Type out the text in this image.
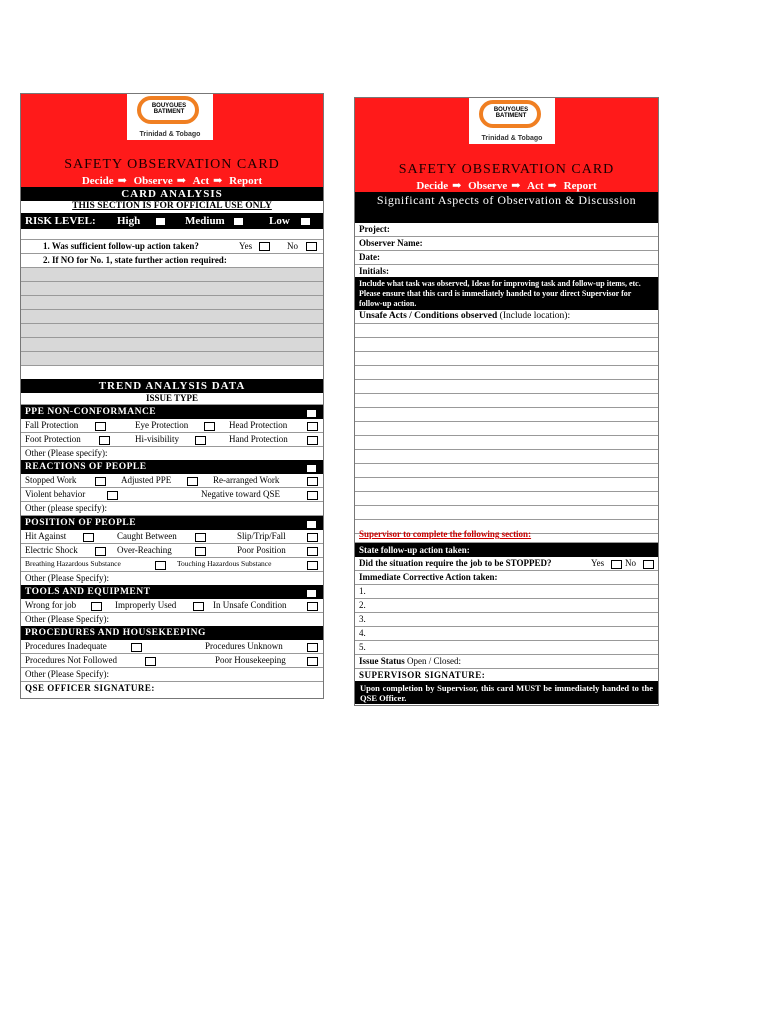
BOUYGUES BATIMENT
Trinidad & Tobago
SAFETY OBSERVATION CARD
Decide ➡ Observe ➡ Act ➡ Report
CARD ANALYSIS
THIS SECTION IS FOR OFFICIAL USE ONLY
RISK LEVEL: High	Medium	Low
1. Was sufficient follow-up action taken?	Yes	No
2. If NO for No. 1, state further action required:
TREND ANALYSIS DATA
ISSUE TYPE
PPE NON-CONFORMANCE
Fall Protection	Eye Protection	Head Protection
Foot Protection	Hi-visibility	Hand Protection
Other (Please specify):
REACTIONS OF PEOPLE
Stopped Work	Adjusted PPE	Re-arranged Work
Violent behavior	Negative toward QSE
Other (please specify):
POSITION OF PEOPLE
Hit Against	Caught Between	Slip/Trip/Fall
Electric Shock	Over-Reaching	Poor Position
Breathing Hazardous Substance	Touching Hazardous Substance
Other (Please Specify):
TOOLS AND EQUIPMENT
Wrong for job	Improperly Used	In Unsafe Condition
Other (Please Specify):
PROCEDURES AND HOUSEKEEPING
Procedures Inadequate	Procedures Unknown
Procedures Not Followed	Poor Housekeeping
Other (Please Specify):
QSE OFFICER SIGNATURE:
BOUYGUES BATIMENT
Trinidad & Tobago
SAFETY OBSERVATION CARD
Decide ➡ Observe ➡ Act ➡ Report
Significant Aspects of Observation & Discussion
Project:
Observer Name:
Date:
Initials:
Include what task was observed, Ideas for improving task and follow-up items, etc. Please ensure that this card is immediately handed to your direct Supervisor for follow-up action.
Unsafe Acts / Conditions observed (Include location):
Supervisor to complete the following section:
State follow-up action taken:
Did the situation require the job to be STOPPED?	Yes No
Immediate Corrective Action taken:
1.
2.
3.
4.
5.
Issue Status Open / Closed:
SUPERVISOR SIGNATURE:
Upon completion by Supervisor, this card MUST be immediately handed to the QSE Officer.
